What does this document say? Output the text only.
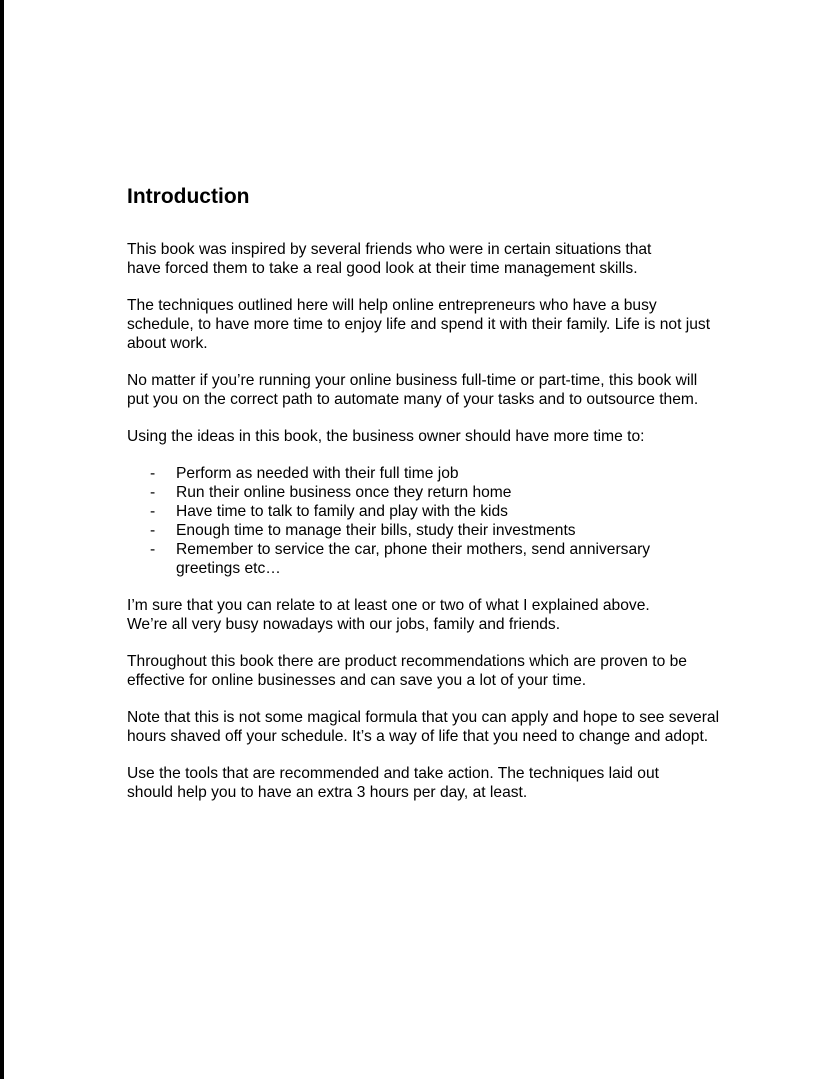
Introduction

This book was inspired by several friends who were in certain situations that have forced them to take a real good look at their time management skills.

The techniques outlined here will help online entrepreneurs who have a busy schedule, to have more time to enjoy life and spend it with their family. Life is not just about work.

No matter if you’re running your online business full-time or part-time, this book will put you on the correct path to automate many of your tasks and to outsource them.

Using the ideas in this book, the business owner should have more time to:

- Perform as needed with their full time job
- Run their online business once they return home
- Have time to talk to family and play with the kids
- Enough time to manage their bills, study their investments
- Remember to service the car, phone their mothers, send anniversary greetings etc…

I’m sure that you can relate to at least one or two of what I explained above. We’re all very busy nowadays with our jobs, family and friends.

Throughout this book there are product recommendations which are proven to be effective for online businesses and can save you a lot of your time.

Note that this is not some magical formula that you can apply and hope to see several hours shaved off your schedule. It’s a way of life that you need to change and adopt.

Use the tools that are recommended and take action. The techniques laid out should help you to have an extra 3 hours per day, at least.
